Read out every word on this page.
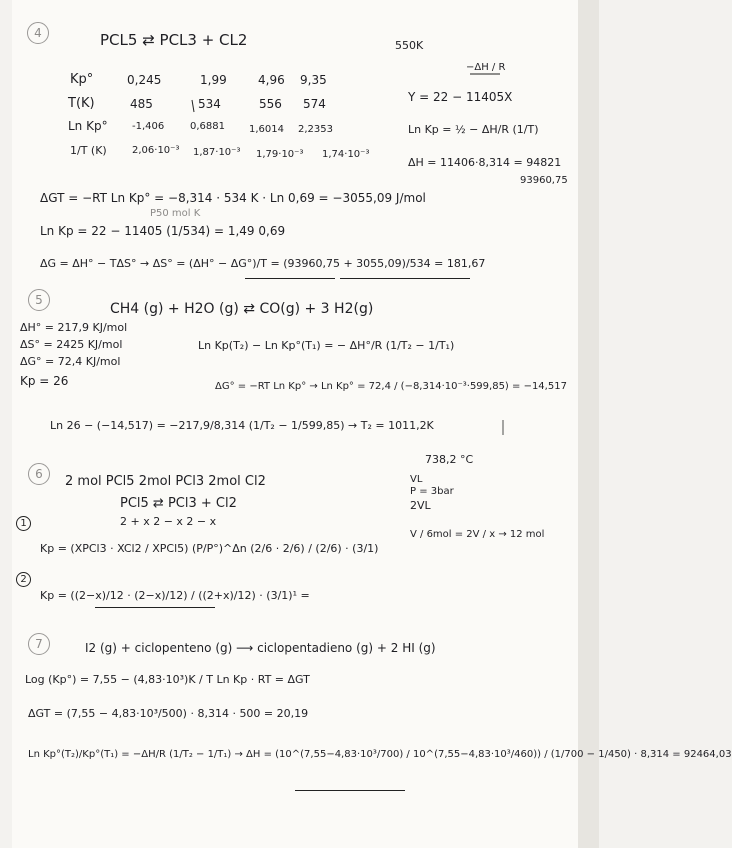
4	PCL5 ⇄ PCL3 + CL2	550K
−ΔH / R
Kp°	0,245	1,99	4,96 9,35
T(K)	485	534	556 574	Y = 22 − 11405X
Ln Kp° -1,406	0,6881 1,6014 2,2353	Ln Kp = ½ − ΔH/R (1/T)
1/T (K)	2,06·10⁻³ 1,87·10⁻³ 1,79·10⁻³ 1,74·10⁻³
ΔH = 11406·8,314 = 94821
93960,75
ΔGT = −RT Ln Kp° = −8,314 · 534 K · Ln 0,69 = −3055,09 J/mol
P50 mol K
Ln Kp = 22 − 11405 (1/534) = 1,49 0,69
ΔG = ΔH° − TΔS° → ΔS° = (ΔH° − ΔG°)/T = (93960,75 + 3055,09)/534 = 181,67
5
CH4 (g) + H2O (g) ⇄ CO(g) + 3 H2(g)
ΔH° = 217,9 KJ/mol
ΔS° = 2425 KJ/mol
ΔG° = 72,4 KJ/mol
Kp = 26
Ln Kp(T₂) − Ln Kp°(T₁) = − ΔH°/R (1/T₂ − 1/T₁)
ΔG° = −RT Ln Kp° → Ln Kp° = 72,4 / (−8,314·10⁻³·599,85) = −14,517
Ln 26 − (−14,517) = −217,9/8,314 (1/T₂ − 1/599,85) → T₂ = 1011,2K
738,2 °C
6 2 mol PCl5 2mol PCl3 2mol Cl2	VL
P = 3bar
2VL
PCl5 ⇄ PCl3 + Cl2
2 + x 2 − x 2 − x
V / 6mol = 2V / x → 12 mol
1
Kp = (XPCl3 · XCl2 / XPCl5) (P/P°)^Δn (2/6 · 2/6) / (2/6) · (3/1)
2
Kp = ((2−x)/12 · (2−x)/12) / ((2+x)/12) · (3/1)¹ =
7	I2 (g) + ciclopenteno (g) ⟶ ciclopentadieno (g) + 2 HI (g)
Log (Kp°) = 7,55 − (4,83·10³)K / T Ln Kp · RT = ΔGT
ΔGT = (7,55 − 4,83·10³/500) · 8,314 · 500 = 20,19
Ln Kp°(T₂)/Kp°(T₁) = −ΔH/R (1/T₂ − 1/T₁) → ΔH = (10^(7,55−4,83·10³/700) / 10^(7,55−4,83·10³/460)) / (1/700 − 1/450) · 8,314 = 92464,03
